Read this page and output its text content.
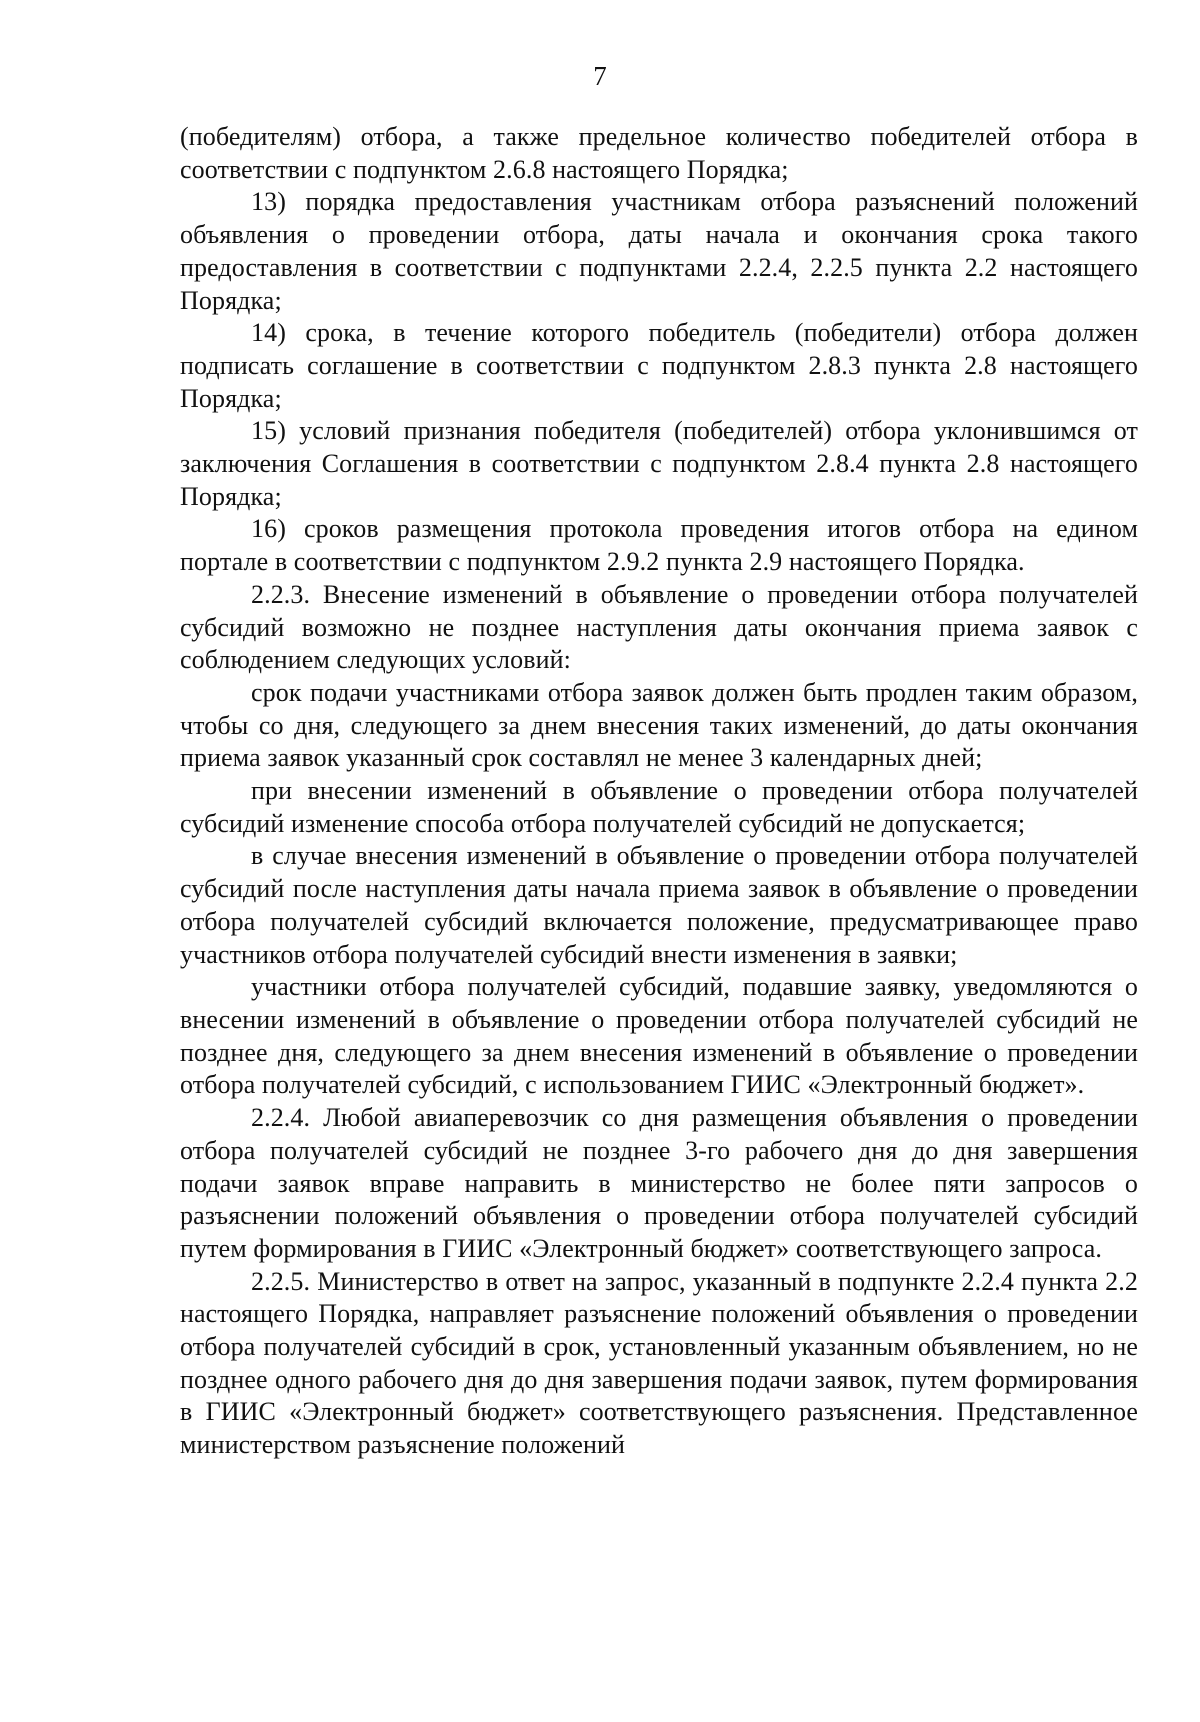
7

(победителям) отбора, а также предельное количество победителей отбора в соответствии с подпунктом 2.6.8 настоящего Порядка;

13) порядка предоставления участникам отбора разъяснений положений объявления о проведении отбора, даты начала и окончания срока такого предоставления в соответствии с подпунктами 2.2.4, 2.2.5 пункта 2.2 настоящего Порядка;

14) срока, в течение которого победитель (победители) отбора должен подписать соглашение в соответствии с подпунктом 2.8.3 пункта 2.8 настоящего Порядка;

15) условий признания победителя (победителей) отбора уклонившимся от заключения Соглашения в соответствии с подпунктом 2.8.4 пункта 2.8 настоящего Порядка;

16) сроков размещения протокола проведения итогов отбора на едином портале в соответствии с подпунктом 2.9.2 пункта 2.9 настоящего Порядка.

2.2.3. Внесение изменений в объявление о проведении отбора получателей субсидий возможно не позднее наступления даты окончания приема заявок с соблюдением следующих условий:

срок подачи участниками отбора заявок должен быть продлен таким образом, чтобы со дня, следующего за днем внесения таких изменений, до даты окончания приема заявок указанный срок составлял не менее 3 календарных дней;

при внесении изменений в объявление о проведении отбора получателей субсидий изменение способа отбора получателей субсидий не допускается;

в случае внесения изменений в объявление о проведении отбора получателей субсидий после наступления даты начала приема заявок в объявление о проведении отбора получателей субсидий включается положение, предусматривающее право участников отбора получателей субсидий внести изменения в заявки;

участники отбора получателей субсидий, подавшие заявку, уведомляются о внесении изменений в объявление о проведении отбора получателей субсидий не позднее дня, следующего за днем внесения изменений в объявление о проведении отбора получателей субсидий, с использованием ГИИС «Электронный бюджет».

2.2.4. Любой авиаперевозчик со дня размещения объявления о проведении отбора получателей субсидий не позднее 3-го рабочего дня до дня завершения подачи заявок вправе направить в министерство не более пяти запросов о разъяснении положений объявления о проведении отбора получателей субсидий путем формирования в ГИИС «Электронный бюджет» соответствующего запроса.

2.2.5. Министерство в ответ на запрос, указанный в подпункте 2.2.4 пункта 2.2 настоящего Порядка, направляет разъяснение положений объявления о проведении отбора получателей субсидий в срок, установленный указанным объявлением, но не позднее одного рабочего дня до дня завершения подачи заявок, путем формирования в ГИИС «Электронный бюджет» соответствующего разъяснения. Представленное министерством разъяснение положений
